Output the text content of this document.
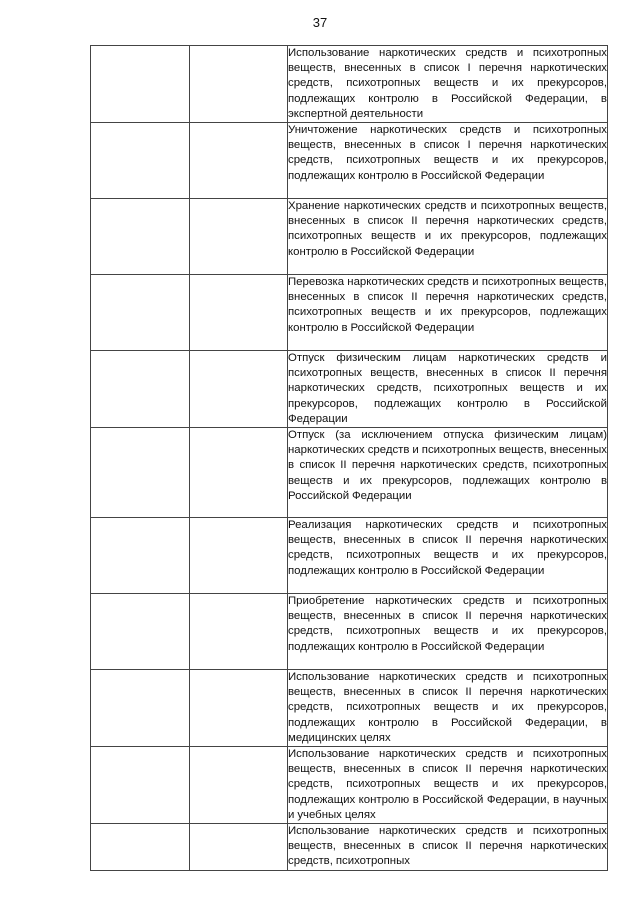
37
		Использование наркотических средств и психотропных веществ, внесенных в список I перечня наркотических средств, психотропных веществ и их прекурсоров, подлежащих контролю в Российской Федерации, в экспертной деятельности
		Уничтожение наркотических средств и психотропных веществ, внесенных в список I перечня наркотических средств, психотропных веществ и их прекурсоров, подлежащих контролю в Российской Федерации
		Хранение наркотических средств и психотропных веществ, внесенных в список II перечня наркотических средств, психотропных веществ и их прекурсоров, подлежащих контролю в Российской Федерации
		Перевозка наркотических средств и психотропных веществ, внесенных в список II перечня наркотических средств, психотропных веществ и их прекурсоров, подлежащих контролю в Российской Федерации
		Отпуск физическим лицам наркотических средств и психотропных веществ, внесенных в список II перечня наркотических средств, психотропных веществ и их прекурсоров, подлежащих контролю в Российской Федерации
		Отпуск (за исключением отпуска физическим лицам) наркотических средств и психотропных веществ, внесенных в список II перечня наркотических средств, психотропных веществ и их прекурсоров, подлежащих контролю в Российской Федерации
		Реализация наркотических средств и психотропных веществ, внесенных в список II перечня наркотических средств, психотропных веществ и их прекурсоров, подлежащих контролю в Российской Федерации
		Приобретение наркотических средств и психотропных веществ, внесенных в список II перечня наркотических средств, психотропных веществ и их прекурсоров, подлежащих контролю в Российской Федерации
		Использование наркотических средств и психотропных веществ, внесенных в список II перечня наркотических средств, психотропных веществ и их прекурсоров, подлежащих контролю в Российской Федерации, в медицинских целях
		Использование наркотических средств и психотропных веществ, внесенных в список II перечня наркотических средств, психотропных веществ и их прекурсоров, подлежащих контролю в Российской Федерации, в научных и учебных целях
		Использование наркотических средств и психотропных веществ, внесенных в список II перечня наркотических средств, психотропных
